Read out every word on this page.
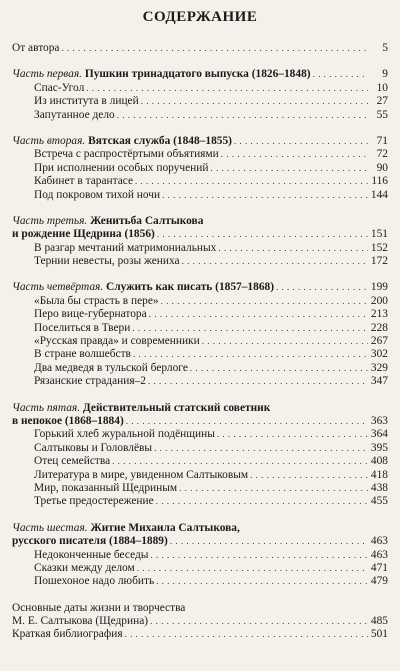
СОДЕРЖАНИЕ
От автора . . .	5
Часть первая. Пушкин тринадцатого выпуска (1826–1848) . . .	9
Спас-Угол . . .	10
Из института в лицей . . .	27
Запутанное дело . . .	55
Часть вторая. Вятская служба (1848–1855) . . .	71
Встреча с распростёртыми объятиями . . .	72
При исполнении особых поручений . . .	90
Кабинет в тарантасе . . .	116
Под покровом тихой ночи . . .	144
Часть третья. Женитьба Салтыкова
и рождение Щедрина (1856) . . .	151
В разгар мечтаний матримониальных . . .	152
Тернии невесты, розы жениха . . .	172
Часть четвёртая. Служить как писать (1857–1868) . . .	199
«Была бы страсть в пере» . . .	200
Перо вице-губернатора . . .	213
Поселиться в Твери . . .	228
«Русская правда» и современники . . .	267
В стране волшебств . . .	302
Два медведя в тульской берлоге . . .	329
Рязанские страдания–2 . . .	347
Часть пятая. Действительный статский советник
в непокое (1868–1884) . . .	363
Горький хлеб журальной подёнщины . . .	364
Салтыковы и Головлёвы . . .	395
Отец семейства . . .	408
Литература в мире, увиденном Салтыковым . . .	418
Мир, показанный Щедриным . . .	438
Третье предостережение . . .	455
Часть шестая. Житие Михаила Салтыкова,
русского писателя (1884–1889) . . .	463
Недоконченные беседы . . .	463
Сказки между делом . . .	471
Пошехоное надо любить . . .	479
Основные даты жизни и творчества
М. Е. Салтыкова (Щедрина) . . .	485
Краткая библиография . . .	501
